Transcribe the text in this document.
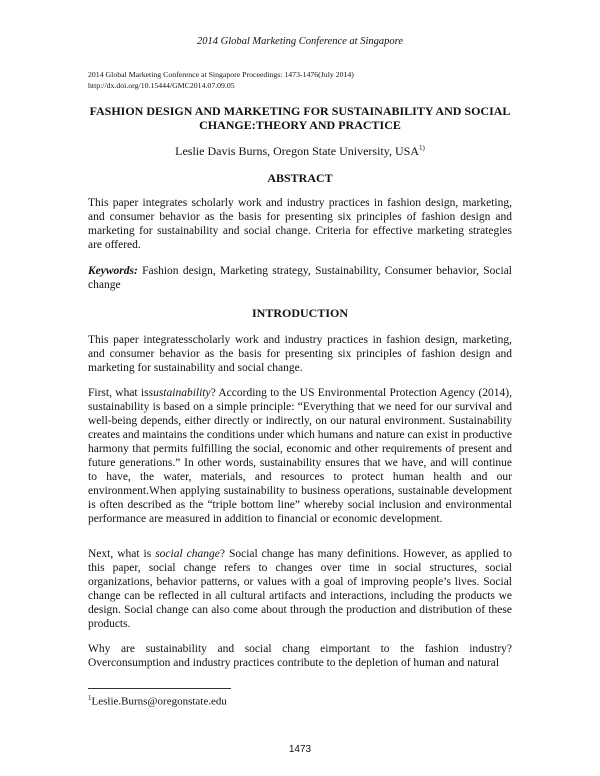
2014 Global Marketing Conference at Singapore
2014 Global Marketing Conference at Singapore Proceedings: 1473-1476(July 2014)
http://dx.doi.org/10.15444/GMC2014.07.09.05
FASHION DESIGN AND MARKETING FOR SUSTAINABILITY AND SOCIAL
CHANGE:THEORY AND PRACTICE
Leslie Davis Burns, Oregon State University, USA$^{1)}$
ABSTRACT

This paper integrates scholarly work and industry practices in fashion design, marketing, and consumer behavior as the basis for presenting six principles of fashion design and marketing for sustainability and social change. Criteria for effective marketing strategies are offered.

Keywords: Fashion design, Marketing strategy, Sustainability, Consumer behavior, Social change

INTRODUCTION

This paper integratesscholarly work and industry practices in fashion design, marketing, and consumer behavior as the basis for presenting six principles of fashion design and marketing for sustainability and social change.

First, what issustainability? According to the US Environmental Protection Agency (2014), sustainability is based on a simple principle: “Everything that we need for our survival and well-being depends, either directly or indirectly, on our natural environment. Sustainability creates and maintains the conditions under which humans and nature can exist in productive harmony that permits fulfilling the social, economic and other requirements of present and future generations.” In other words, sustainability ensures that we have, and will continue to have, the water, materials, and resources to protect human health and our environment.When applying sustainability to business operations, sustainable development is often described as the “triple bottom line” whereby social inclusion and environmental performance are measured in addition to financial or economic development.

Next, what is social change? Social change has many definitions. However, as applied to this paper, social change refers to changes over time in social structures, social organizations, behavior patterns, or values with a goal of improving people’s lives. Social change can be reflected in all cultural artifacts and interactions, including the products we design. Social change can also come about through the production and distribution of these products.

Why are sustainability and social chang eimportant to the fashion industry? Overconsumption and industry practices contribute to the depletion of human and natural

$^1$Leslie.Burns@oregonstate.edu
1473
